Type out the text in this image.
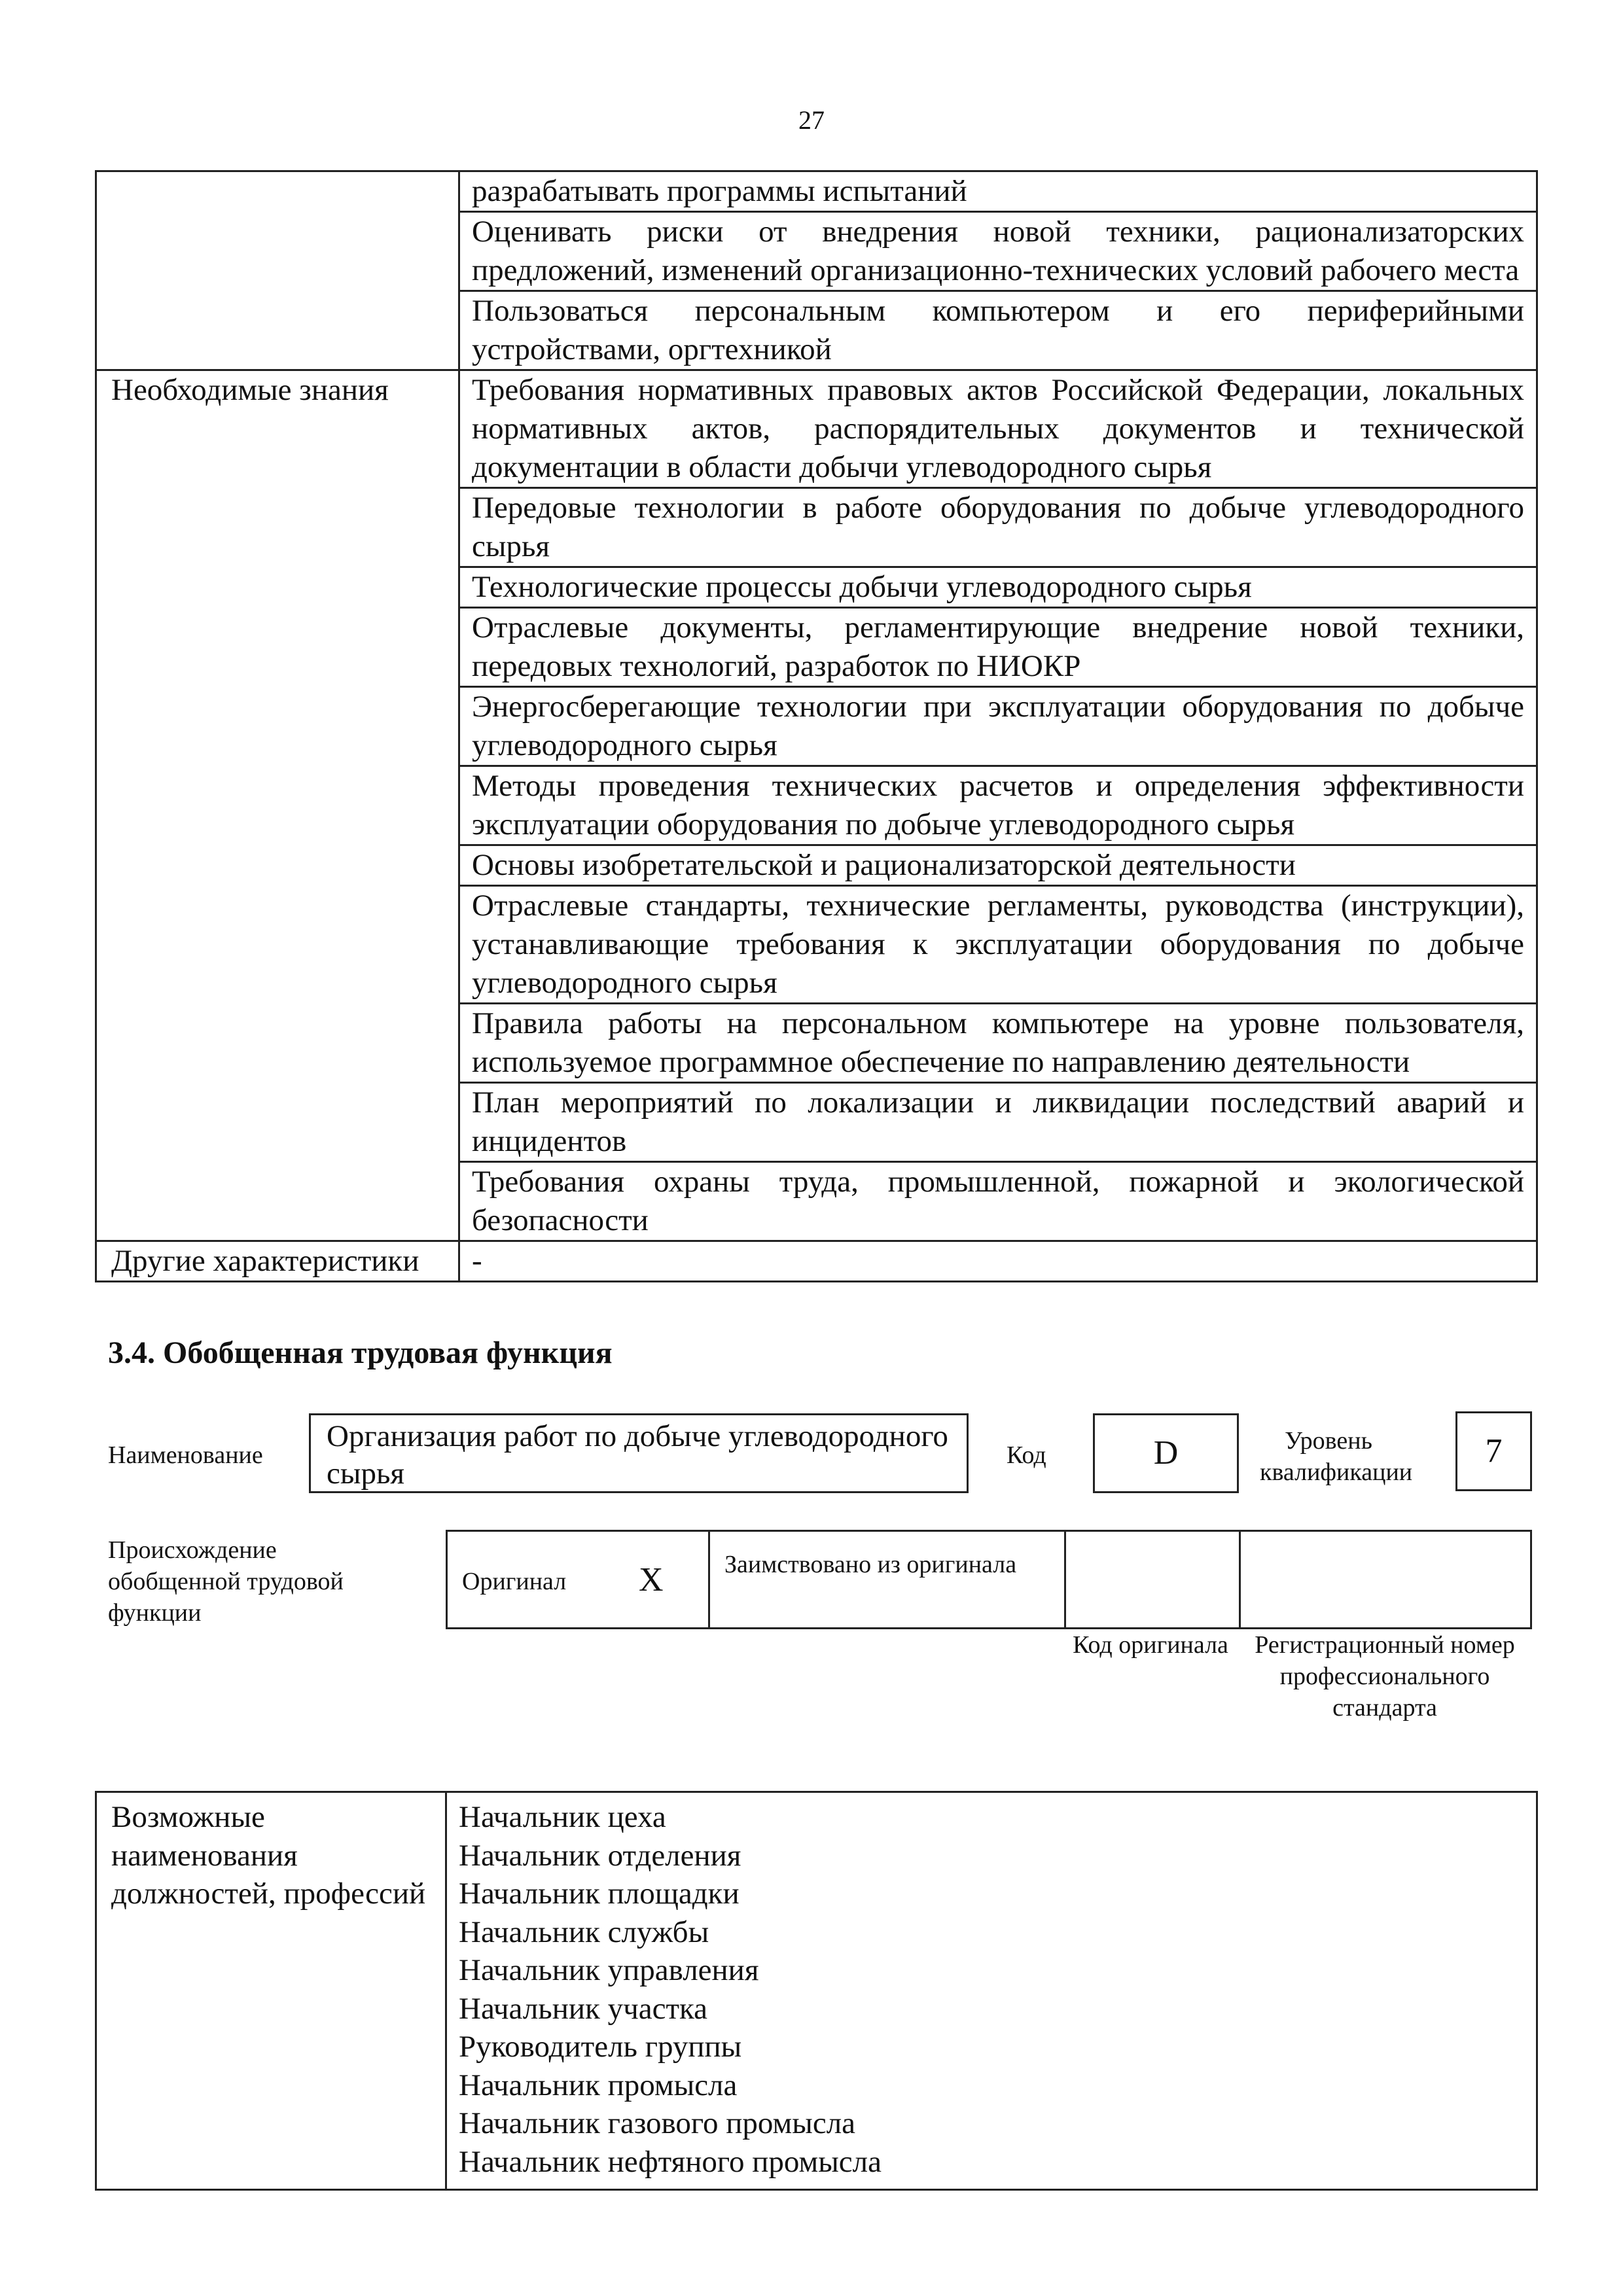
27
	разрабатывать программы испытаний
	Оценивать риски от внедрения новой техники, рационализаторских предложений, изменений организационно-технических условий рабочего места
	Пользоваться персональным компьютером и его периферийными устройствами, оргтехникой
Необходимые знания	Требования нормативных правовых актов Российской Федерации, локальных нормативных актов, распорядительных документов и технической документации в области добычи углеводородного сырья
	Передовые технологии в работе оборудования по добыче углеводородного сырья
	Технологические процессы добычи углеводородного сырья
	Отраслевые документы, регламентирующие внедрение новой техники, передовых технологий, разработок по НИОКР
	Энергосберегающие технологии при эксплуатации оборудования по добыче углеводородного сырья
	Методы проведения технических расчетов и определения эффективности эксплуатации оборудования по добыче углеводородного сырья
	Основы изобретательской и рационализаторской деятельности
	Отраслевые стандарты, технические регламенты, руководства (инструкции), устанавливающие требования к эксплуатации оборудования по добыче углеводородного сырья
	Правила работы на персональном компьютере на уровне пользователя, используемое программное обеспечение по направлению деятельности
	План мероприятий по локализации и ликвидации последствий аварий и инцидентов
	Требования охраны труда, промышленной, пожарной и экологической безопасности
Другие характеристики	-
3.4. Обобщенная трудовая функция
Наименование
Организация работ по добыче углеводородного сырья
Код	D	Уровень квалификации
7
Происхождение обобщенной трудовой функции
Оригинал X Заимствовано из оригинала
Код оригинала	Регистрационный номер профессионального стандарта
Возможные наименования должностей, профессий	
Начальник цеха
Начальник отделения
Начальник площадки
Начальник службы
Начальник управления
Начальник участка
Руководитель группы
Начальник промысла
Начальник газового промысла
Начальник нефтяного промысла
